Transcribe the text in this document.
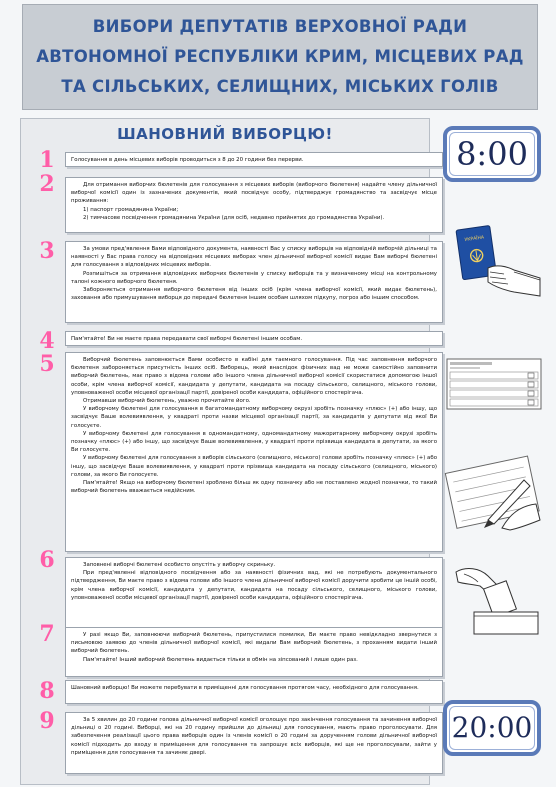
ВИБОРИ ДЕПУТАТІВ ВЕРХОВНОЇ РАДИ
АВТОНОМНОЇ РЕСПУБЛІКИ КРИМ, МІСЦЕВИХ РАД
ТА СІЛЬСЬКИХ, СЕЛИЩНИХ, МІСЬКИХ ГОЛІВ
ШАНОВНИЙ ВИБОРЦЮ!
1	Голосування в день місцевих виборів проводиться з 8 до 20 години без перерви.

2	Для отримання виборчих бюлетенів для голосування з місцевих виборів (виборчого бюлетеня) надайте члену дільничної виборчої комісії один із зазначених документів, який посвідчує особу, підтверджує громадянство та засвідчує місце проживання:

1) паспорт громадянина України;

2) тимчасове посвідчення громадянина України (для осіб, недавно прийнятих до громадянства України).

3	За умови пред'явлення Вами відповідного документа, наявності Вас у списку виборців на відповідній виборчій дільниці та наявності у Вас права голосу на відповідних місцевих виборах член дільничної виборчої комісії видає Вам виборчі бюлетені для голосування з відповідних місцевих виборів.

Розпишіться за отримання відповідних виборчих бюлетенів у списку виборців та у визначеному місці на контрольному талоні кожного виборчого бюлетеня.

Забороняється отримання виборчого бюлетеня від інших осіб (крім члена виборчої комісії, який видає бюлетень), заховання або примушування виборця до передачі бюлетеня іншим особам шляхом підкупу, погроз або іншим способом.

4	Пам'ятайте! Ви не маєте права передавати свої виборчі бюлетені іншим особам.

5	Виборчий бюлетень заповнюється Вами особисто в кабіні для таємного голосування. Під час заповнення виборчого бюлетеня забороняється присутність інших осіб. Виборець, який внаслідок фізичних вад не може самостійно заповнити виборчий бюлетень, має право з відома голови або іншого члена дільничної виборчої комісії скористатися допомогою іншої особи, крім члена виборчої комісії, кандидата у депутати, кандидата на посаду сільського, селищного, міського голови, уповноваженої особи місцевої організації партії, довіреної особи кандидата, офіційного спостерігача.

Отримавши виборчий бюлетень, уважно прочитайте його.

У виборчому бюлетені для голосування в багатомандатному виборчому окрузі зробіть позначку «плюс» (+) або іншу, що засвідчує Ваше волевиявлення, у квадраті проти назви місцевої організації партії, за кандидатів у депутати від якої Ви голосуєте.

У виборчому бюлетені для голосування в одномандатному, одномандатному мажоритарному виборчому окрузі зробіть позначку «плюс» (+) або іншу, що засвідчує Ваше волевиявлення, у квадраті проти прізвища кандидата в депутати, за якого Ви голосуєте.

У виборчому бюлетені для голосування з виборів сільського (селищного, міського) голови зробіть позначку «плюс» (+) або іншу, що засвідчує Ваше волевиявлення, у квадраті проти прізвища кандидата на посаду сільського (селищного, міського) голови, за якого Ви голосуєте.

Пам'ятайте! Якщо на виборчому бюлетені зроблено більш як одну позначку або не поставлено жодної позначки, то такий виборчий бюлетень вважається недійсним.

6	Заповнені виборчі бюлетені особисто опустіть у виборчу скриньку.

При пред'явленні відповідного посвідчення або за наявності фізичних вад, які не потребують документального підтвердження, Ви маєте право з відома голови або іншого члена дільничної виборчої комісії доручити зробити це іншій особі, крім члена виборчої комісії, кандидата у депутати, кандидата на посаду сільського, селищного, міського голови, уповноваженої особи місцевої організації партії, довіреної особи кандидата, офіційного спостерігача.

7	У разі якщо Ви, заповнюючи виборчий бюлетень, припустилися помилки, Ви маєте право невідкладно звернутися з письмовою заявою до членів дільничної виборчої комісії, які видали Вам виборчий бюлетень, з проханням видати інший виборчий бюлетень.

Пам'ятайте! Інший виборчий бюлетень видається тільки в обмін на зіпсований і лише один раз.

8	Шановний виборцю! Ви можете перебувати в приміщенні для голосування протягом часу, необхідного для голосування.

9	За 5 хвилин до 20 години голова дільничної виборчої комісії оголошує про закінчення голосування та зачинення виборчої дільниці о 20 годині. Виборці, які на 20 годину прийшли до дільниці для голосування, мають право проголосувати. Для забезпечення реалізації цього права виборців один із членів комісії о 20 годині за дорученням голови дільничної виборчої комісії підходить до входу в приміщення для голосування та запрошує всіх виборців, які ще не проголосували, зайти у приміщення для голосування та зачиняє двері.

8:00
УКРАЇНА
20:00
